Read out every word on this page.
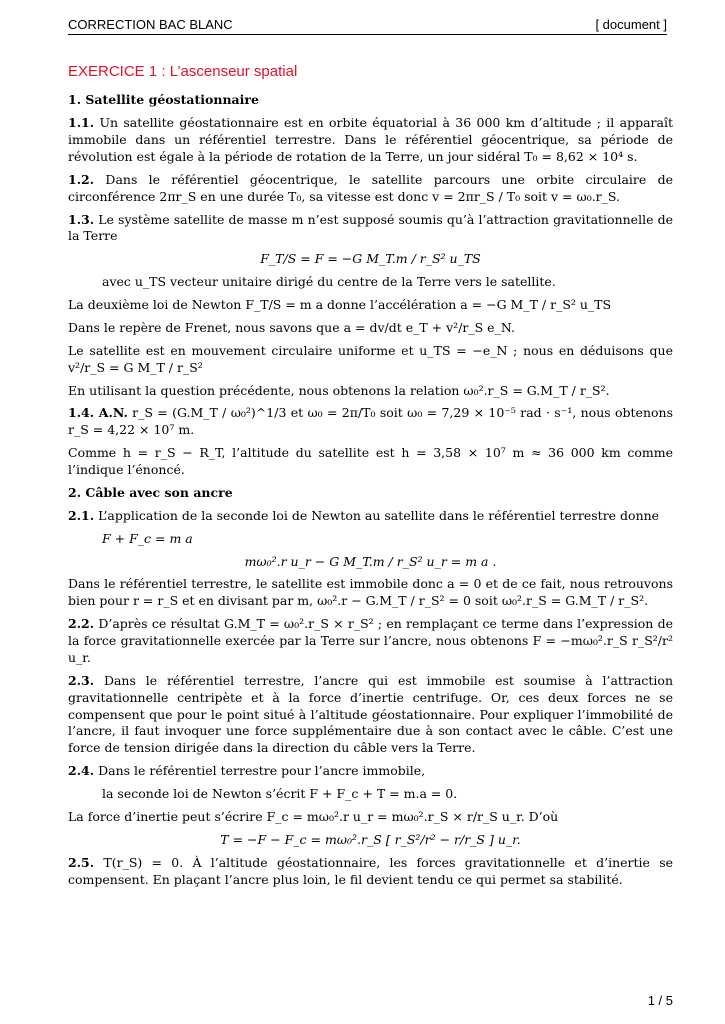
CORRECTION BAC BLANC	[ document ]
EXERCICE 1 : L’ascenseur spatial
1. Satellite géostationnaire

1.1. Un satellite géostationnaire est en orbite équatorial à 36 000 km d’altitude ; il apparaît immobile dans un référentiel terrestre. Dans le référentiel géocentrique, sa période de révolution est égale à la période de rotation de la Terre, un jour sidéral T₀ = 8,62 × 10⁴ s.

1.2. Dans le référentiel géocentrique, le satellite parcours une orbite circulaire de circonférence 2πr_S en une durée T₀, sa vitesse est donc v = 2πr_S / T₀ soit v = ω₀.r_S.

1.3. Le système satellite de masse m n’est supposé soumis qu’à l’attraction gravitationnelle de la Terre

F_T/S = F = −G M_T.m / r_S² u_TS

avec u_TS vecteur unitaire dirigé du centre de la Terre vers le satellite.

La deuxième loi de Newton F_T/S = m a donne l’accélération a = −G M_T / r_S² u_TS

Dans le repère de Frenet, nous savons que a = dv/dt e_T + v²/r_S e_N.

Le satellite est en mouvement circulaire uniforme et u_TS = −e_N ; nous en déduisons que v²/r_S = G M_T / r_S²

En utilisant la question précédente, nous obtenons la relation ω₀².r_S = G.M_T / r_S².

1.4. A.N. r_S = (G.M_T / ω₀²)^1/3 et ω₀ = 2π/T₀ soit ω₀ = 7,29 × 10⁻⁵ rad · s⁻¹, nous obtenons r_S = 4,22 × 10⁷ m.

Comme h = r_S − R_T, l’altitude du satellite est h = 3,58 × 10⁷ m ≈ 36 000 km comme l’indique l’énoncé.

2. Câble avec son ancre

2.1. L’application de la seconde loi de Newton au satellite dans le référentiel terrestre donne

F + F_c = m a

mω₀².r u_r − G M_T.m / r_S² u_r = m a .

Dans le référentiel terrestre, le satellite est immobile donc a = 0 et de ce fait, nous retrouvons bien pour r = r_S et en divisant par m, ω₀².r − G.M_T / r_S² = 0 soit ω₀².r_S = G.M_T / r_S².

2.2. D’après ce résultat G.M_T = ω₀².r_S × r_S² ; en remplaçant ce terme dans l’expression de la force gravitationnelle exercée par la Terre sur l’ancre, nous obtenons F = −mω₀².r_S r_S²/r² u_r.

2.3. Dans le référentiel terrestre, l’ancre qui est immobile est soumise à l’attraction gravitationnelle centripète et à la force d’inertie centrifuge. Or, ces deux forces ne se compensent que pour le point situé à l’altitude géostationnaire. Pour expliquer l’immobilité de l’ancre, il faut invoquer une force supplémentaire due à son contact avec le câble. C’est une force de tension dirigée dans la direction du câble vers la Terre.

2.4. Dans le référentiel terrestre pour l’ancre immobile,

la seconde loi de Newton s’écrit F + F_c + T = m.a = 0.

La force d’inertie peut s’écrire F_c = mω₀².r u_r = mω₀².r_S × r/r_S u_r. D’où

T = −F − F_c = mω₀².r_S [ r_S²/r² − r/r_S ] u_r.

2.5. T(r_S) = 0. À l’altitude géostationnaire, les forces gravitationnelle et d’inertie se compensent. En plaçant l’ancre plus loin, le fil devient tendu ce qui permet sa stabilité.

1 / 5
